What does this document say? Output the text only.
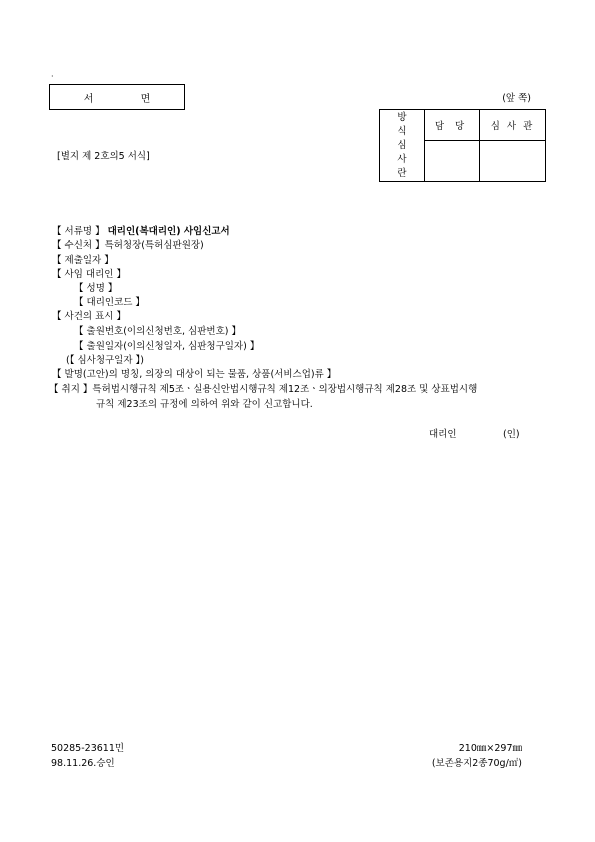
·
서 면	(앞 쪽)
[별지 제 2호의5 서식]
방
식
심
사
란
담 당	심 사 관
【 서류명 】 대리인(복대리인) 사임신고서
【 수신처 】특허청장(특허심판원장)
【 제출일자 】
【 사임 대리인 】
【 성명 】
【 대리인코드 】
【 사건의 표시 】
【 출원번호(이의신청번호, 심판번호) 】
【 출원일자(이의신청일자, 심판청구일자) 】
(【 심사청구일자 】)
【 발명(고안)의 명칭, 의장의 대상이 되는 물품, 상품(서비스업)류 】
【 취지 】특허법시행규칙 제5조ㆍ실용신안법시행규칙 제12조ㆍ의장법시행규칙 제28조 및 상표법시행
규칙 제23조의 규정에 의하여 위와 같이 신고합니다.
대리인	(인)
50285-23611민
98.11.26.승인
210㎜×297㎜
(보존용지2종70g/㎡)
